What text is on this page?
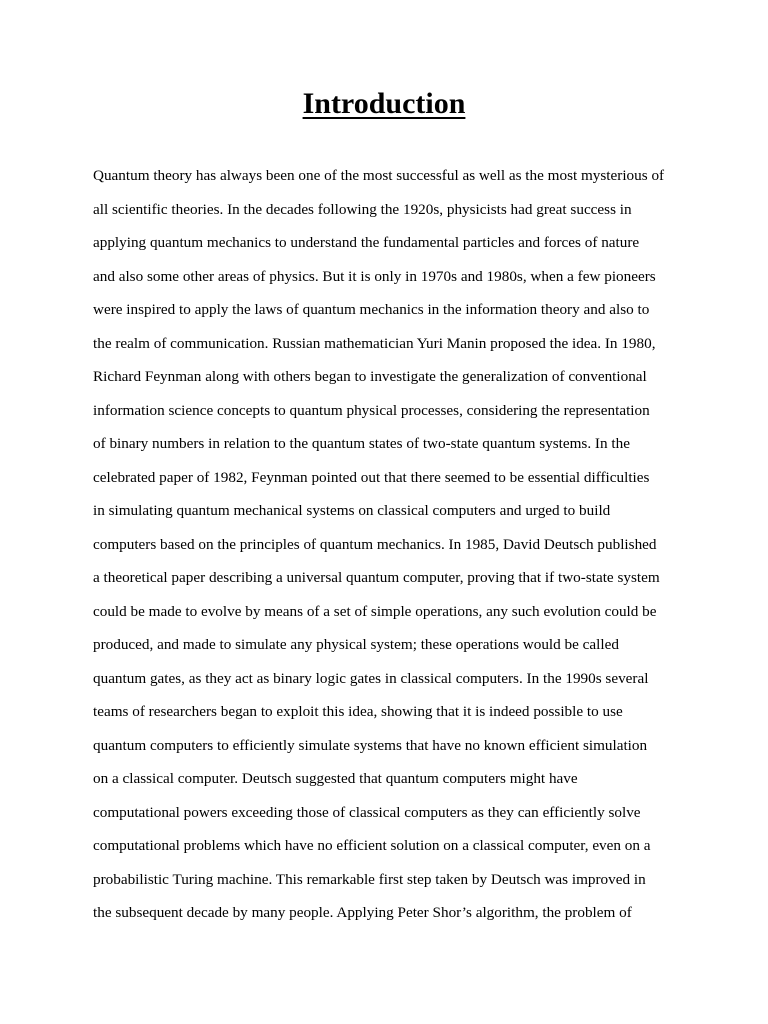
Introduction
Quantum theory has always been one of the most successful as well as the most mysterious of
all scientific theories. In the decades following the 1920s, physicists had great success in
applying quantum mechanics to understand the fundamental particles and forces of nature
and also some other areas of physics. But it is only in 1970s and 1980s, when a few pioneers
were inspired to apply the laws of quantum mechanics in the information theory and also to
the realm of communication. Russian mathematician Yuri Manin proposed the idea. In 1980,
Richard Feynman along with others began to investigate the generalization of conventional
information science concepts to quantum physical processes, considering the representation
of binary numbers in relation to the quantum states of two-state quantum systems. In the
celebrated paper of 1982, Feynman pointed out that there seemed to be essential difficulties
in simulating quantum mechanical systems on classical computers and urged to build
computers based on the principles of quantum mechanics. In 1985, David Deutsch published
a theoretical paper describing a universal quantum computer, proving that if two-state system
could be made to evolve by means of a set of simple operations, any such evolution could be
produced, and made to simulate any physical system; these operations would be called
quantum gates, as they act as binary logic gates in classical computers. In the 1990s several
teams of researchers began to exploit this idea, showing that it is indeed possible to use
quantum computers to efficiently simulate systems that have no known efficient simulation
on a classical computer. Deutsch suggested that quantum computers might have
computational powers exceeding those of classical computers as they can efficiently solve
computational problems which have no efficient solution on a classical computer, even on a
probabilistic Turing machine. This remarkable first step taken by Deutsch was improved in
the subsequent decade by many people. Applying Peter Shor’s algorithm, the problem of
